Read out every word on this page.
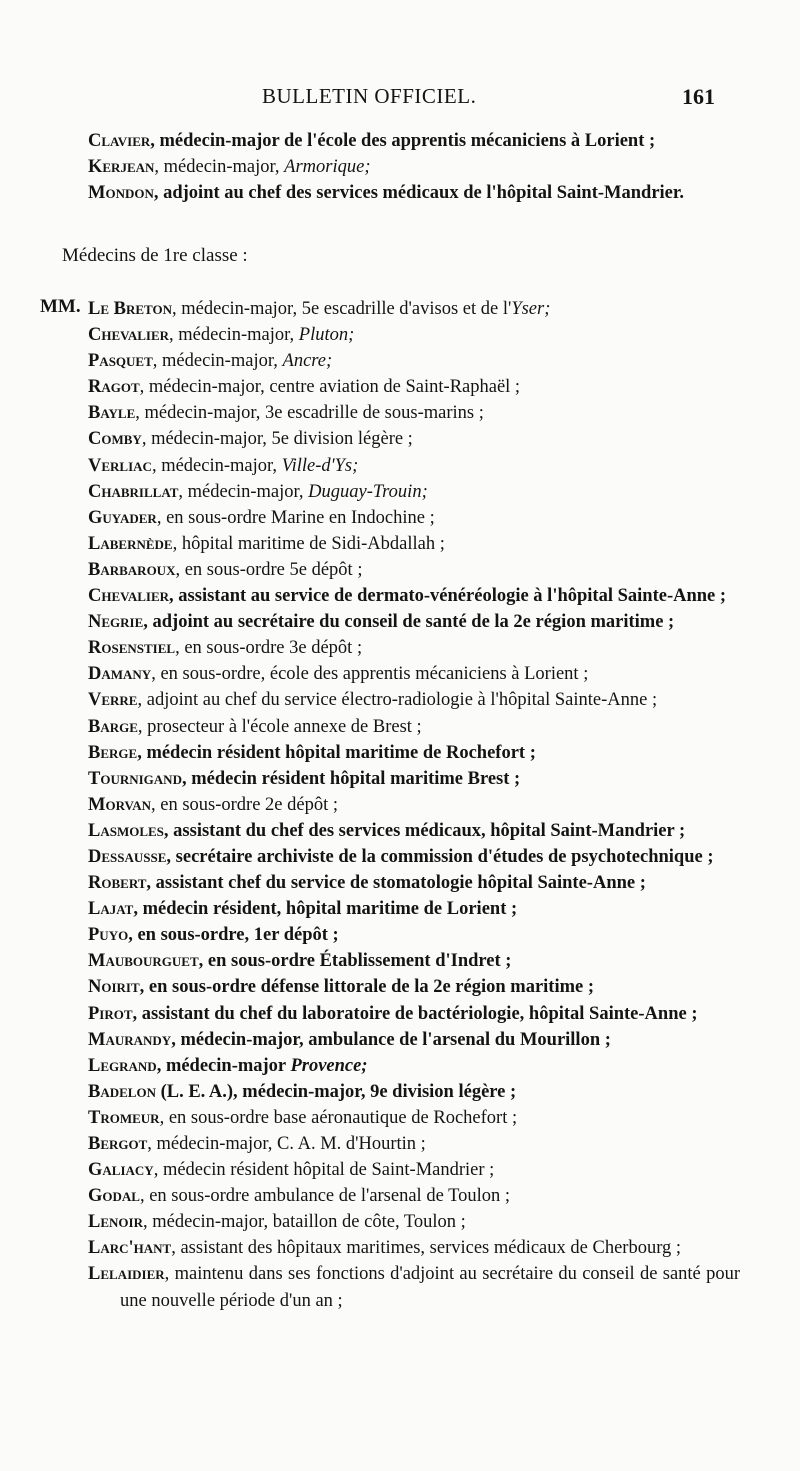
BULLETIN OFFICIEL.	161
Clavier, médecin-major de l'école des apprentis mécaniciens à Lorient ;
Kerjean, médecin-major, Armorique;
Mondon, adjoint au chef des services médicaux de l'hôpital Saint-Mandrier.
Médecins de 1re classe :
MM. Le Breton, médecin-major, 5e escadrille d'avisos et de l'Yser;
Chevalier, médecin-major, Pluton;
Pasquet, médecin-major, Ancre;
Ragot, médecin-major, centre aviation de Saint-Raphaël ;
Bayle, médecin-major, 3e escadrille de sous-marins ;
Comby, médecin-major, 5e division légère ;
Verliac, médecin-major, Ville-d'Ys;
Chabrillat, médecin-major, Duguay-Trouin;
Guyader, en sous-ordre Marine en Indochine ;
Labernède, hôpital maritime de Sidi-Abdallah ;
Barbaroux, en sous-ordre 5e dépôt ;
Chevalier, assistant au service de dermato-vénéréologie à l'hôpital Sainte-Anne ;
Negrie, adjoint au secrétaire du conseil de santé de la 2e région maritime ;
Rosenstiel, en sous-ordre 3e dépôt ;
Damany, en sous-ordre, école des apprentis mécaniciens à Lorient ;
Verre, adjoint au chef du service électro-radiologie à l'hôpital Sainte-Anne ;
Barge, prosecteur à l'école annexe de Brest ;
Berge, médecin résident hôpital maritime de Rochefort ;
Tournigand, médecin résident hôpital maritime Brest ;
Morvan, en sous-ordre 2e dépôt ;
Lasmoles, assistant du chef des services médicaux, hôpital Saint-Mandrier ;
Dessausse, secrétaire archiviste de la commission d'études de psychotechnique ;
Robert, assistant chef du service de stomatologie hôpital Sainte-Anne ;
Lajat, médecin résident, hôpital maritime de Lorient ;
Puyo, en sous-ordre, 1er dépôt ;
Maubourguet, en sous-ordre Établissement d'Indret ;
Noirit, en sous-ordre défense littorale de la 2e région maritime ;
Pirot, assistant du chef du laboratoire de bactériologie, hôpital Sainte-Anne ;
Maurandy, médecin-major, ambulance de l'arsenal du Mourillon ;
Legrand, médecin-major Provence;
Badelon (L. E. A.), médecin-major, 9e division légère ;
Tromeur, en sous-ordre base aéronautique de Rochefort ;
Bergot, médecin-major, C. A. M. d'Hourtin ;
Galiacy, médecin résident hôpital de Saint-Mandrier ;
Godal, en sous-ordre ambulance de l'arsenal de Toulon ;
Lenoir, médecin-major, bataillon de côte, Toulon ;
Larc'hant, assistant des hôpitaux maritimes, services médicaux de Cherbourg ;
Lelaidier, maintenu dans ses fonctions d'adjoint au secrétaire du conseil de santé pour une nouvelle période d'un an ;
